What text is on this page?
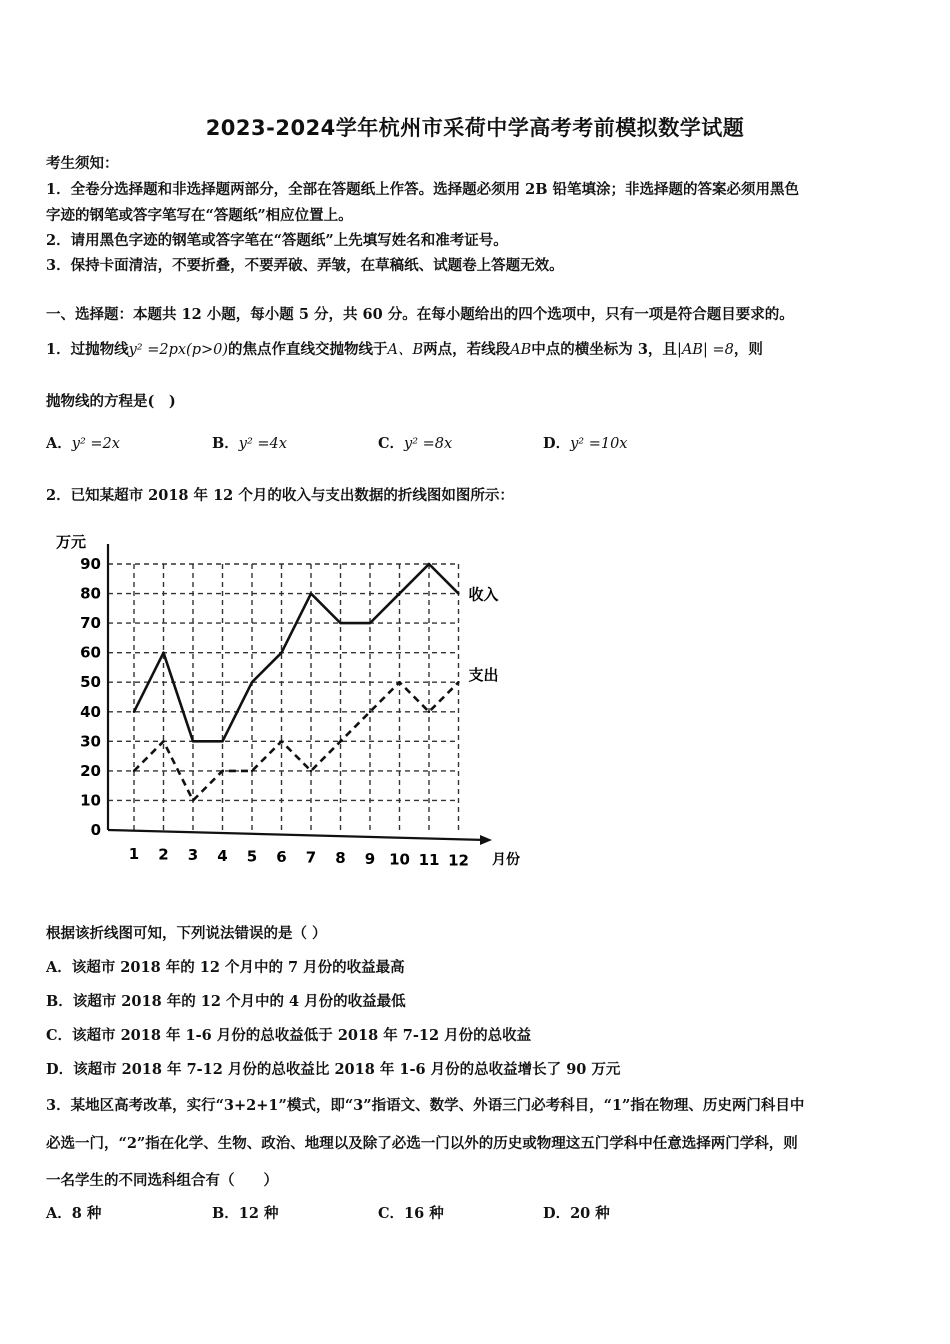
2023-2024学年杭州市采荷中学高考考前模拟数学试题
考生须知：
1．全卷分选择题和非选择题两部分，全部在答题纸上作答。选择题必须用 2B 铅笔填涂；非选择题的答案必须用黑色
字迹的钢笔或答字笔写在“答题纸”相应位置上。
2．请用黑色字迹的钢笔或答字笔在“答题纸”上先填写姓名和准考证号。
3．保持卡面清洁，不要折叠，不要弄破、弄皱，在草稿纸、试题卷上答题无效。
一、选择题：本题共 12 小题，每小题 5 分，共 60 分。在每小题给出的四个选项中，只有一项是符合题目要求的。
1．过抛物线y² =2px(p>0)的焦点作直线交抛物线于A、B两点，若线段AB中点的横坐标为 3，且|AB| =8，则
抛物线的方程是(　)
A．y² =2x	B．y² =4x	C．y² =8x	D．y² =10x
2．已知某超市 2018 年 12 个月的收入与支出数据的折线图如图所示：
0
10
20
30
40
50
60
70
80
90
1 2 3 4 5 6 7 8 9 10 11 12
收入
支出
万元
月份
根据该折线图可知，下列说法错误的是（ ）
A．该超市 2018 年的 12 个月中的 7 月份的收益最高
B．该超市 2018 年的 12 个月中的 4 月份的收益最低
C．该超市 2018 年 1-6 月份的总收益低于 2018 年 7-12 月份的总收益
D．该超市 2018 年 7-12 月份的总收益比 2018 年 1-6 月份的总收益增长了 90 万元
3．某地区高考改革，实行“3+2+1”模式，即“3”指语文、数学、外语三门必考科目，“1”指在物理、历史两门科目中
必选一门，“2”指在化学、生物、政治、地理以及除了必选一门以外的历史或物理这五门学科中任意选择两门学科，则
一名学生的不同选科组合有（　　）
A．8 种	B．12 种	C．16 种	D．20 种
